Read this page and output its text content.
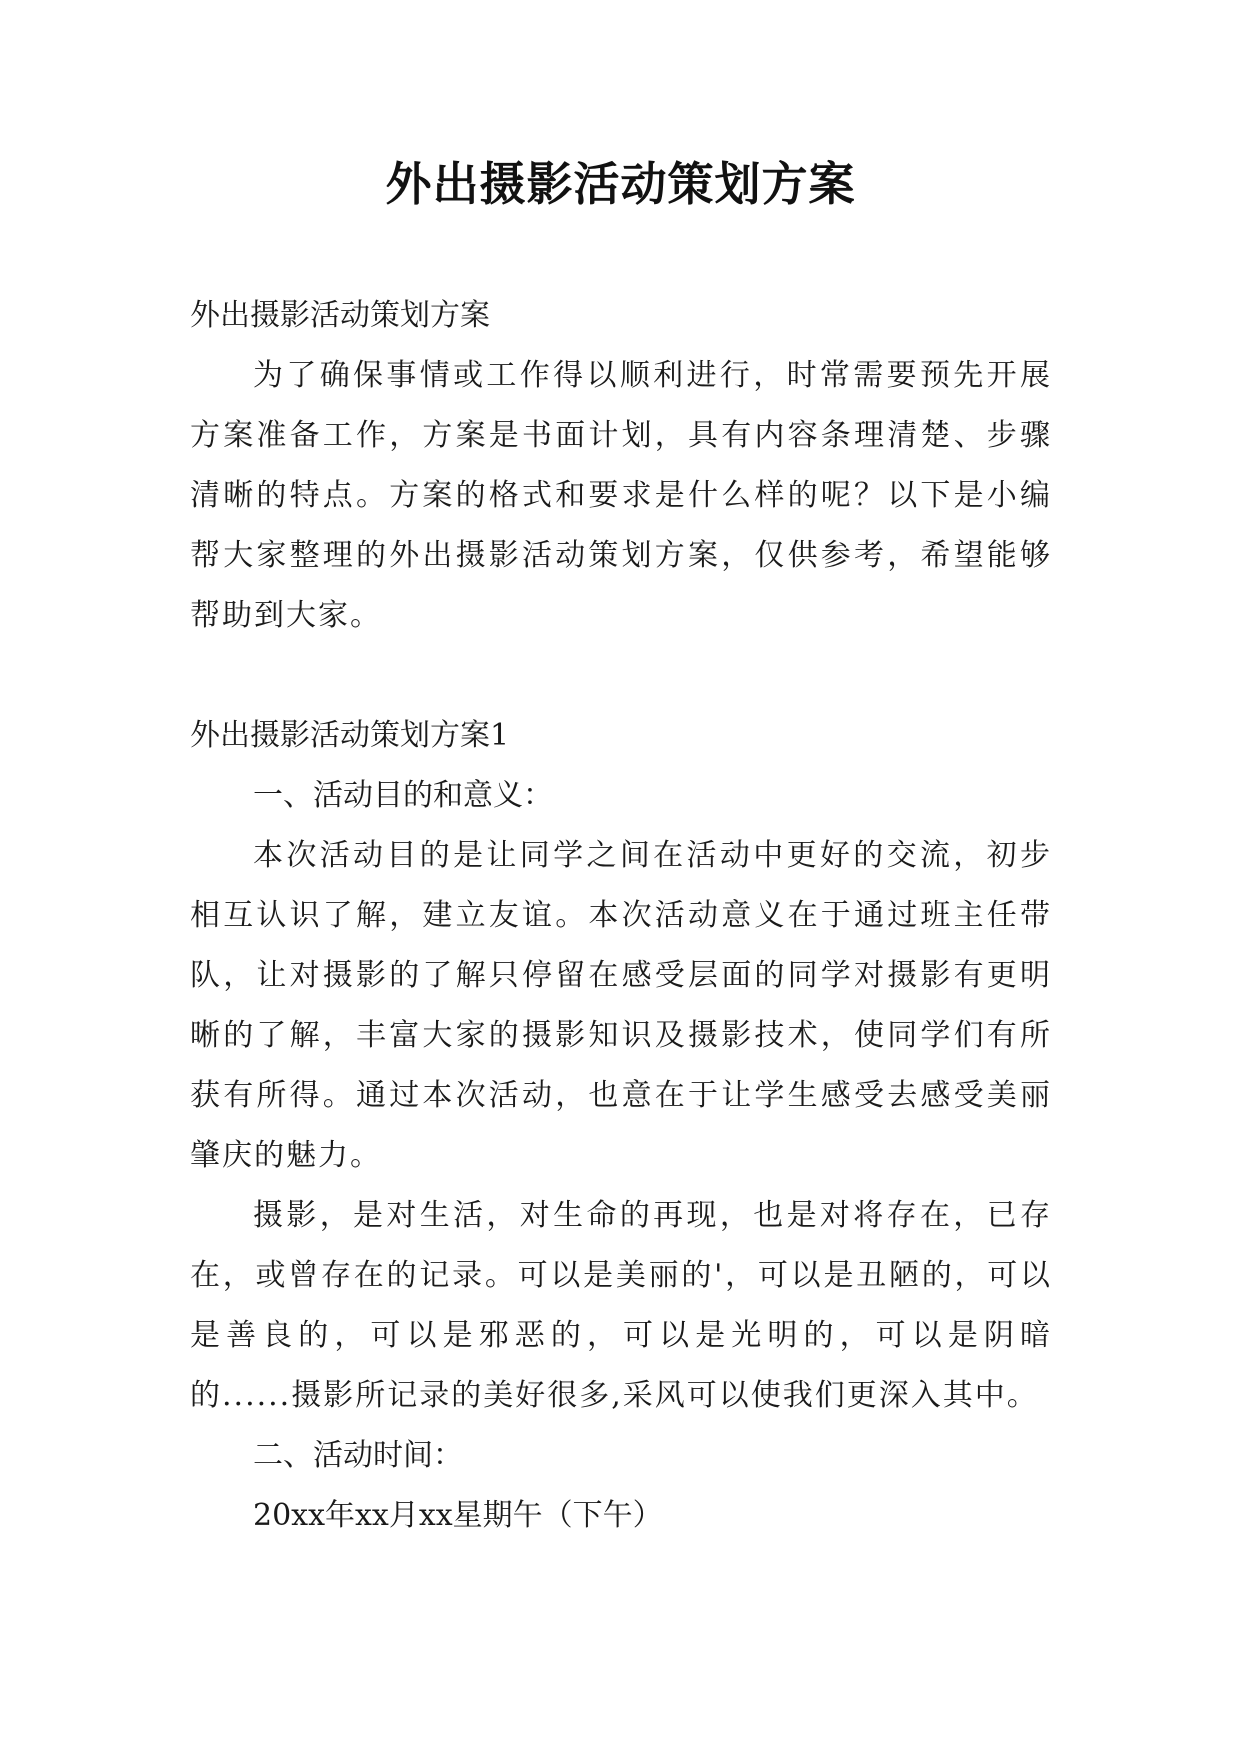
外出摄影活动策划方案

外出摄影活动策划方案

为了确保事情或工作得以顺利进行，时常需要预先开展方案准备工作，方案是书面计划，具有内容条理清楚、步骤清晰的特点。方案的格式和要求是什么样的呢？以下是小编帮大家整理的外出摄影活动策划方案，仅供参考，希望能够帮助到大家。

外出摄影活动策划方案1

一、活动目的和意义：

本次活动目的是让同学之间在活动中更好的交流，初步相互认识了解，建立友谊。本次活动意义在于通过班主任带队，让对摄影的了解只停留在感受层面的同学对摄影有更明晰的了解，丰富大家的摄影知识及摄影技术，使同学们有所获有所得。通过本次活动，也意在于让学生感受去感受美丽肇庆的魅力。

摄影，是对生活，对生命的再现，也是对将存在，已存在，或曾存在的记录。可以是美丽的'，可以是丑陋的，可以是善良的，可以是邪恶的，可以是光明的，可以是阴暗的......摄影所记录的美好很多,采风可以使我们更深入其中。

二、活动时间：

20xx年xx月xx星期午（下午）
